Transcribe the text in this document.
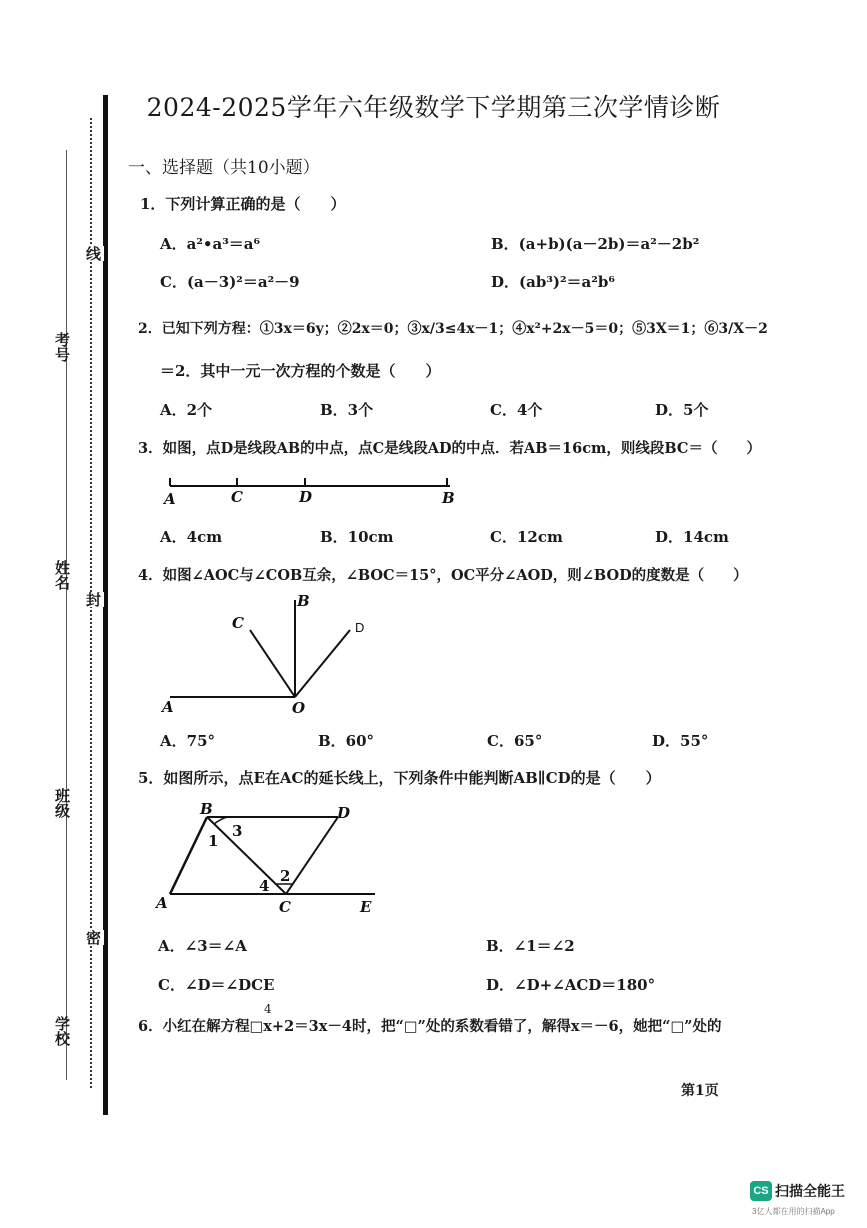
考号
姓名
班级
学校
线
封
密
2024-2025学年六年级数学下学期第三次学情诊断
一、选择题（共10小题）
1．下列计算正确的是（　　）
A．a²•a³＝a⁶	B．(a+b)(a－2b)＝a²－2b²
C．(a－3)²＝a²－9	D．(ab³)²＝a²b⁶
2．已知下列方程：①3x＝6y；②2x＝0；③x/3≤4x－1；④x²+2x－5＝0；⑤3X＝1；⑥3/X－2
＝2．其中一元一次方程的个数是（　　）
A．2个	B．3个	C．4个	D．5个
3．如图，点D是线段AB的中点，点C是线段AD的中点．若AB＝16cm，则线段BC＝（　　）
A	C	D	B
A．4cm	B．10cm	C．12cm	D．14cm
4．如图∠AOC与∠COB互余，∠BOC＝15°，OC平分∠AOD，则∠BOD的度数是（　　）
A	O
C
B
D
A．75°	B．60°	C．65°	D．55°
5．如图所示，点E在AC的延长线上，下列条件中能判断AB∥CD的是（　　）
A
B
C
D
E
1
2
3
4
A．∠3＝∠A	B．∠1＝∠2
C．∠D＝∠DCE	D．∠D+∠ACD＝180°
4
6．小红在解方程□x+2＝3x－4时，把“□”处的系数看错了，解得x＝－6，她把“□”处的
第1页
CS 扫描全能王
3亿人都在用的扫描App
